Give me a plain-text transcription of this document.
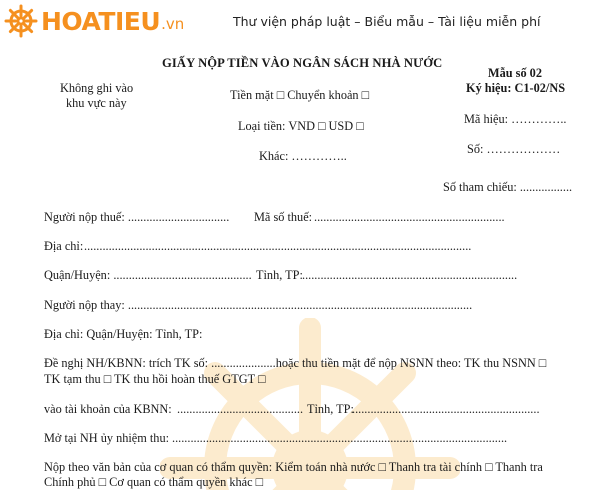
HOATIEU .vn	Thư viện pháp luật – Biểu mẫu – Tài liệu miễn phí
GIẤY NỘP TIỀN VÀO NGÂN SÁCH NHÀ NƯỚC
Mẫu số 02
Ký hiệu: C1-02/NS
Không ghi vào
khu vực này
Tiền mặt □ Chuyển khoản □
Loại tiền: VND □ USD □
Khác: …………..
Mã hiệu: …………..
Số: ………………
Số tham chiếu: .................
Người nộp thuế: ................................. Mã số thuế: ..............................................................
Địa chỉ: ..............................................................................................................................
Quận/Huyện: ............................................. Tỉnh, TP: ......................................................................
Người nộp thay: ................................................................................................................
Địa chỉ: Quận/Huyện: Tỉnh, TP:
Đề nghị NH/KBNN: trích TK số: .....................hoặc thu tiền mặt để nộp NSNN theo: TK thu NSNN □
TK tạm thu □ TK thu hồi hoàn thuế GTGT □
vào tài khoản của KBNN: ......................................... Tỉnh, TP:
.............................................................
Mở tại NH ủy nhiệm thu: .............................................................................................................
Nộp theo văn bản của cơ quan có thẩm quyền: Kiểm toán nhà nước □ Thanh tra tài chính □ Thanh tra
Chính phủ □ Cơ quan có thẩm quyền khác □
